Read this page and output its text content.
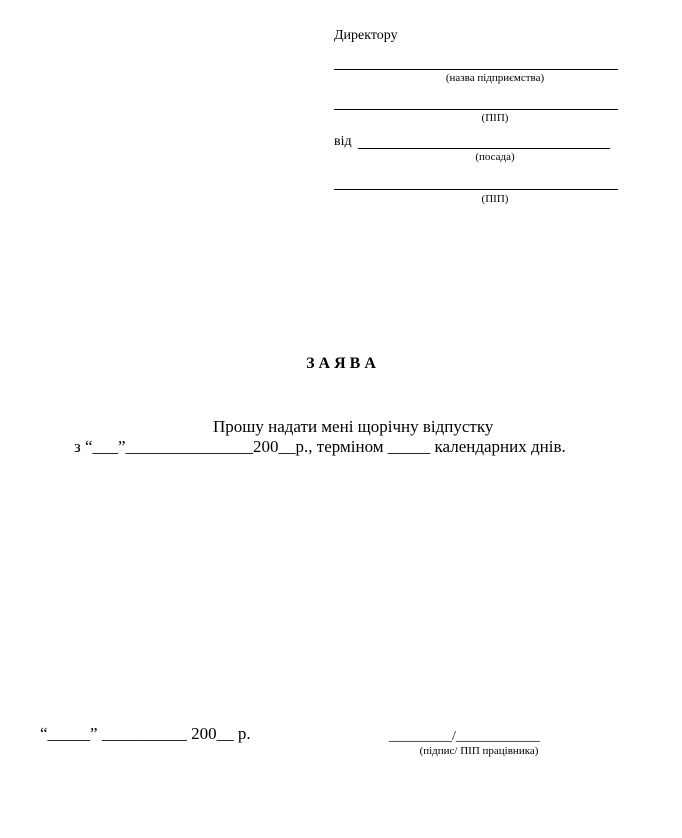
Директору
(назва підприємства)
(ПІП)
від
(посада)
(ПІП)
З А Я В А
Прошу надати мені щорічну відпустку
з “___”_______________200__р., терміном _____ календарних днів.
“_____” __________ 200__ р.	_________/____________
(підпис/ ПІП працівника)
